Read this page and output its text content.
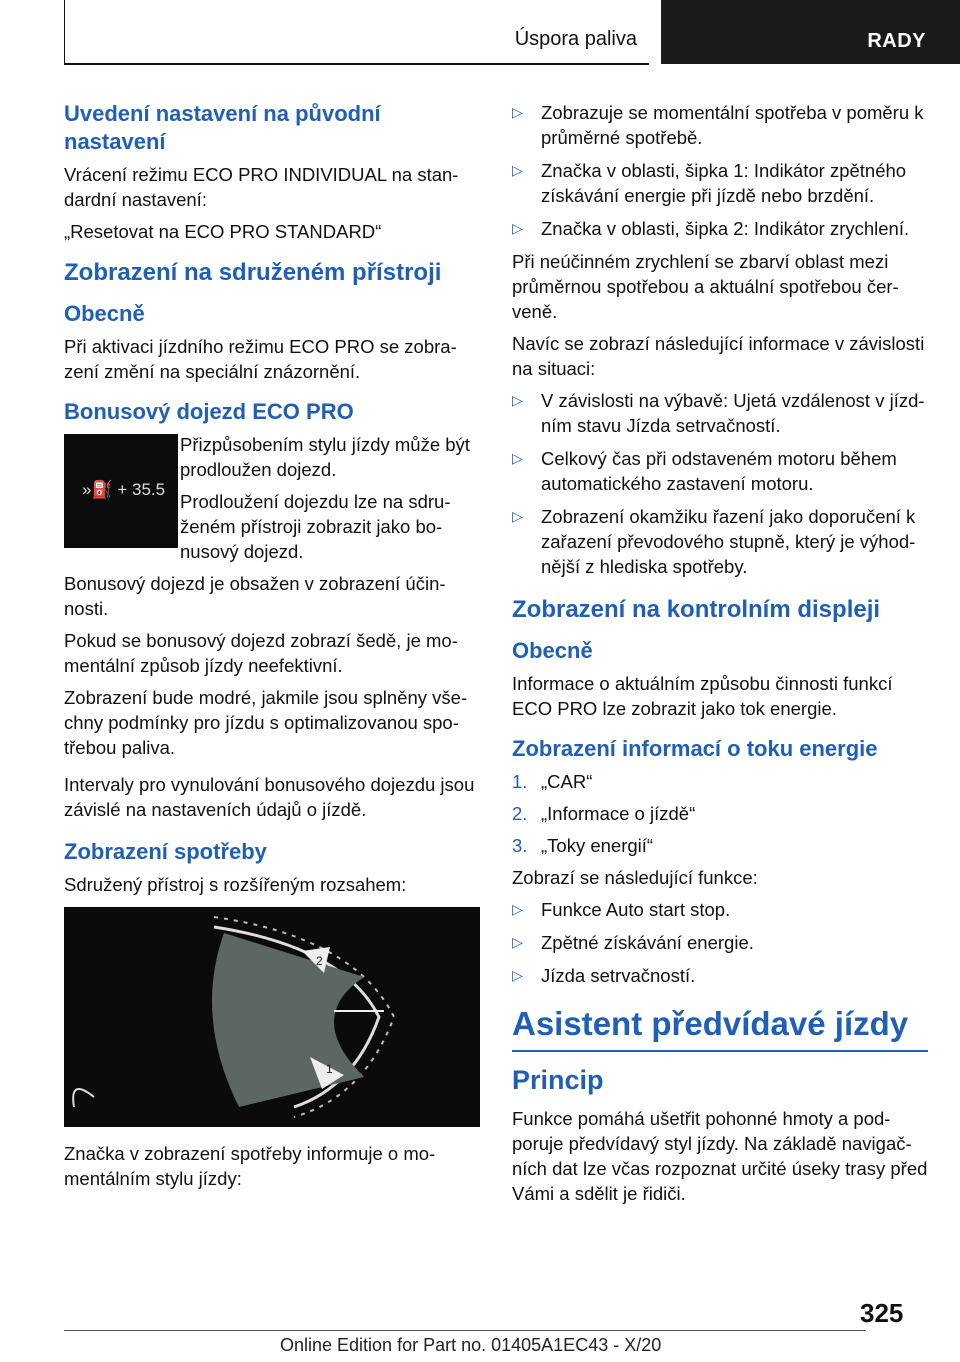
Úspora paliva	RADY
Uvedení nastavení na původní nastavení

Vrácení režimu ECO PRO INDIVIDUAL na standardní nastavení:

„Resetovat na ECO PRO STANDARD“

Zobrazení na sdruženém přístroji
Obecně

Při aktivaci jízdního režimu ECO PRO se zobrazení změní na speciální znázornění.

Bonusový dojezd ECO PRO
»⛽ + 35.5

Přizpůsobením stylu jízdy může být prodloužen dojezd.

Prodloužení dojezdu lze na sdruženém přístroji zobrazit jako bonusový dojezd.

Bonusový dojezd je obsažen v zobrazení účinnosti.

Pokud se bonusový dojezd zobrazí šedě, je momentální způsob jízdy neefektivní.

Zobrazení bude modré, jakmile jsou splněny všechny podmínky pro jízdu s optimalizovanou spotřebou paliva.

Intervaly pro vynulování bonusového dojezdu jsou závislé na nastaveních údajů o jízdě.

Zobrazení spotřeby

Sdružený přístroj s rozšířeným rozsahem:

2
1

Značka v zobrazení spotřeby informuje o momentálním stylu jízdy:

▷ Zobrazuje se momentální spotřeba v poměru k průměrné spotřebě.
▷ Značka v oblasti, šipka 1: Indikátor zpětného získávání energie při jízdě nebo brzdění.
▷ Značka v oblasti, šipka 2: Indikátor zrychlení.

Při neúčinném zrychlení se zbarví oblast mezi průměrnou spotřebou a aktuální spotřebou červeně.

Navíc se zobrazí následující informace v závislosti na situaci:

▷ V závislosti na výbavě: Ujetá vzdálenost v jízdním stavu Jízda setrvačností.
▷ Celkový čas při odstaveném motoru během automatického zastavení motoru.
▷ Zobrazení okamžiku řazení jako doporučení k zařazení převodového stupně, který je výhodnější z hlediska spotřeby.
Zobrazení na kontrolním displeji
Obecně

Informace o aktuálním způsobu činnosti funkcí ECO PRO lze zobrazit jako tok energie.

Zobrazení informací o toku energie
1. „CAR“
2. „Informace o jízdě“
3. „Toky energií“

Zobrazí se následující funkce:

▷ Funkce Auto start stop.
▷ Zpětné získávání energie.
▷ Jízda setrvačností.
Asistent předvídavé jízdy
Princip

Funkce pomáhá ušetřit pohonné hmoty a podporuje předvídavý styl jízdy. Na základě navigačních dat lze včas rozpoznat určité úseky trasy před Vámi a sdělit je řidiči.

325
Online Edition for Part no. 01405A1EC43 - X/20
